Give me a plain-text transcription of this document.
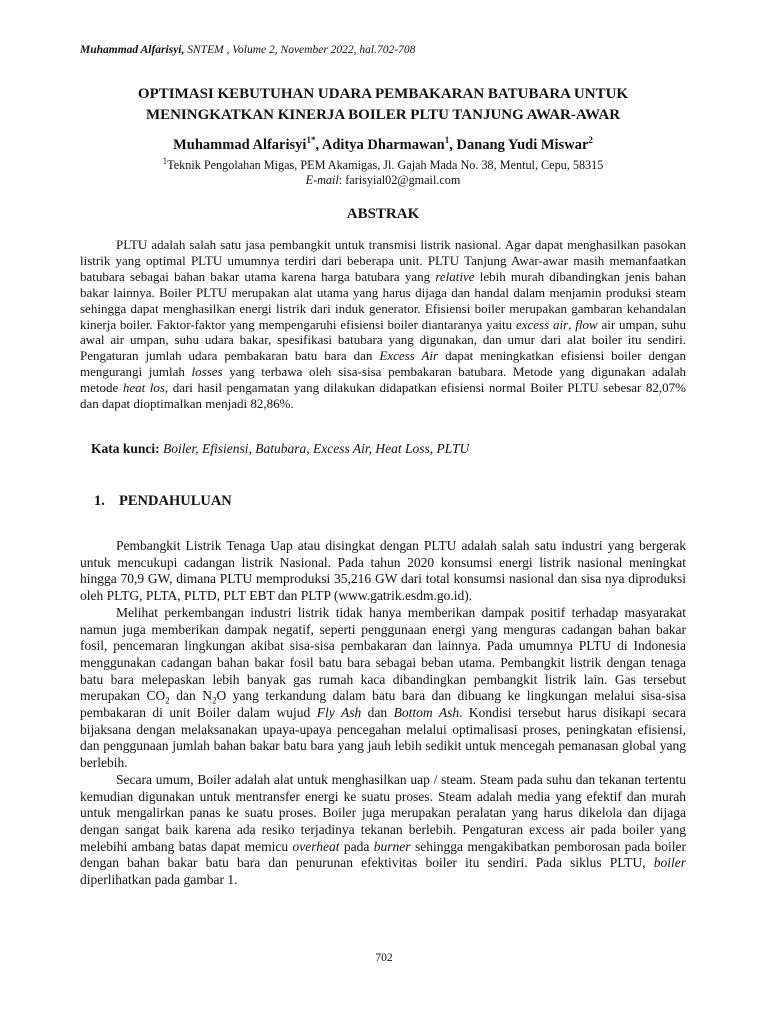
Muhammad Alfarisyi, SNTEM , Volume 2, November 2022, hal.702-708
OPTIMASI KEBUTUHAN UDARA PEMBAKARAN BATUBARA UNTUK
MENINGKATKAN KINERJA BOILER PLTU TANJUNG AWAR-AWAR
Muhammad Alfarisyi$^{1*}$, Aditya Dharmawan$^1$, Danang Yudi Miswar$^2$
$^1$Teknik Pengolahan Migas, PEM Akamigas, Jl. Gajah Mada No. 38, Mentul, Cepu, 58315
E-mail: farisyial02@gmail.com
ABSTRAK

PLTU adalah salah satu jasa pembangkit untuk transmisi listrik nasional. Agar dapat menghasilkan pasokan listrik yang optimal PLTU umumnya terdiri dari beberapa unit. PLTU Tanjung Awar-awar masih memanfaatkan batubara sebagai bahan bakar utama karena harga batubara yang relative lebih murah dibandingkan jenis bahan bakar lainnya. Boiler PLTU merupakan alat utama yang harus dijaga dan handal dalam menjamin produksi steam sehingga dapat menghasilkan energi listrik dari induk generator. Efisiensi boiler merupakan gambaran kehandalan kinerja boiler. Faktor-faktor yang mempengaruhi efisiensi boiler diantaranya yaitu excess air, flow air umpan, suhu awal air umpan, suhu udara bakar, spesifikasi batubara yang digunakan, dan umur dari alat boiler itu sendiri. Pengaturan jumlah udara pembakaran batu bara dan Excess Air dapat meningkatkan efisiensi boiler dengan mengurangi jumlah losses yang terbawa oleh sisa-sisa pembakaran batubara. Metode yang digunakan adalah metode heat los, dari hasil pengamatan yang dilakukan didapatkan efisiensi normal Boiler PLTU sebesar 82,07% dan dapat dioptimalkan menjadi 82,86%.

Kata kunci: Boiler, Efisiensi, Batubara, Excess Air, Heat Loss, PLTU
1. PENDAHULUAN

Pembangkit Listrik Tenaga Uap atau disingkat dengan PLTU adalah salah satu industri yang bergerak untuk mencukupi cadangan listrik Nasional. Pada tahun 2020 konsumsi energi listrik nasional meningkat hingga 70,9 GW, dimana PLTU memproduksi 35,216 GW dari total konsumsi nasional dan sisa nya diproduksi oleh PLTG, PLTA, PLTD, PLT EBT dan PLTP (www.gatrik.esdm.go.id).

Melihat perkembangan industri listrik tidak hanya memberikan dampak positif terhadap masyarakat namun juga memberikan dampak negatif, seperti penggunaan energi yang menguras cadangan bahan bakar fosil, pencemaran lingkungan akibat sisa-sisa pembakaran dan lainnya. Pada umumnya PLTU di Indonesia menggunakan cadangan bahan bakar fosil batu bara sebagai beban utama. Pembangkit listrik dengan tenaga batu bara melepaskan lebih banyak gas rumah kaca dibandingkan pembangkit listrik lain. Gas tersebut merupakan $CO_2$ dan $N_2O$ yang terkandung dalam batu bara dan dibuang ke lingkungan melalui sisa-sisa pembakaran di unit Boiler dalam wujud Fly Ash dan Bottom Ash. Kondisi tersebut harus disikapi secara bijaksana dengan melaksanakan upaya-upaya pencegahan melalui optimalisasi proses, peningkatan efisiensi, dan penggunaan jumlah bahan bakar batu bara yang jauh lebih sedikit untuk mencegah pemanasan global yang berlebih.

Secara umum, Boiler adalah alat untuk menghasilkan uap / steam. Steam pada suhu dan tekanan tertentu kemudian digunakan untuk mentransfer energi ke suatu proses. Steam adalah media yang efektif dan murah untuk mengalirkan panas ke suatu proses. Boiler juga merupakan peralatan yang harus dikelola dan dijaga dengan sangat baik karena ada resiko terjadinya tekanan berlebih. Pengaturan excess air pada boiler yang melebihi ambang batas dapat memicu overheat pada burner sehingga mengakibatkan pemborosan pada boiler dengan bahan bakar batu bara dan penurunan efektivitas boiler itu sendiri. Pada siklus PLTU, boiler diperlihatkan pada gambar 1.

702
